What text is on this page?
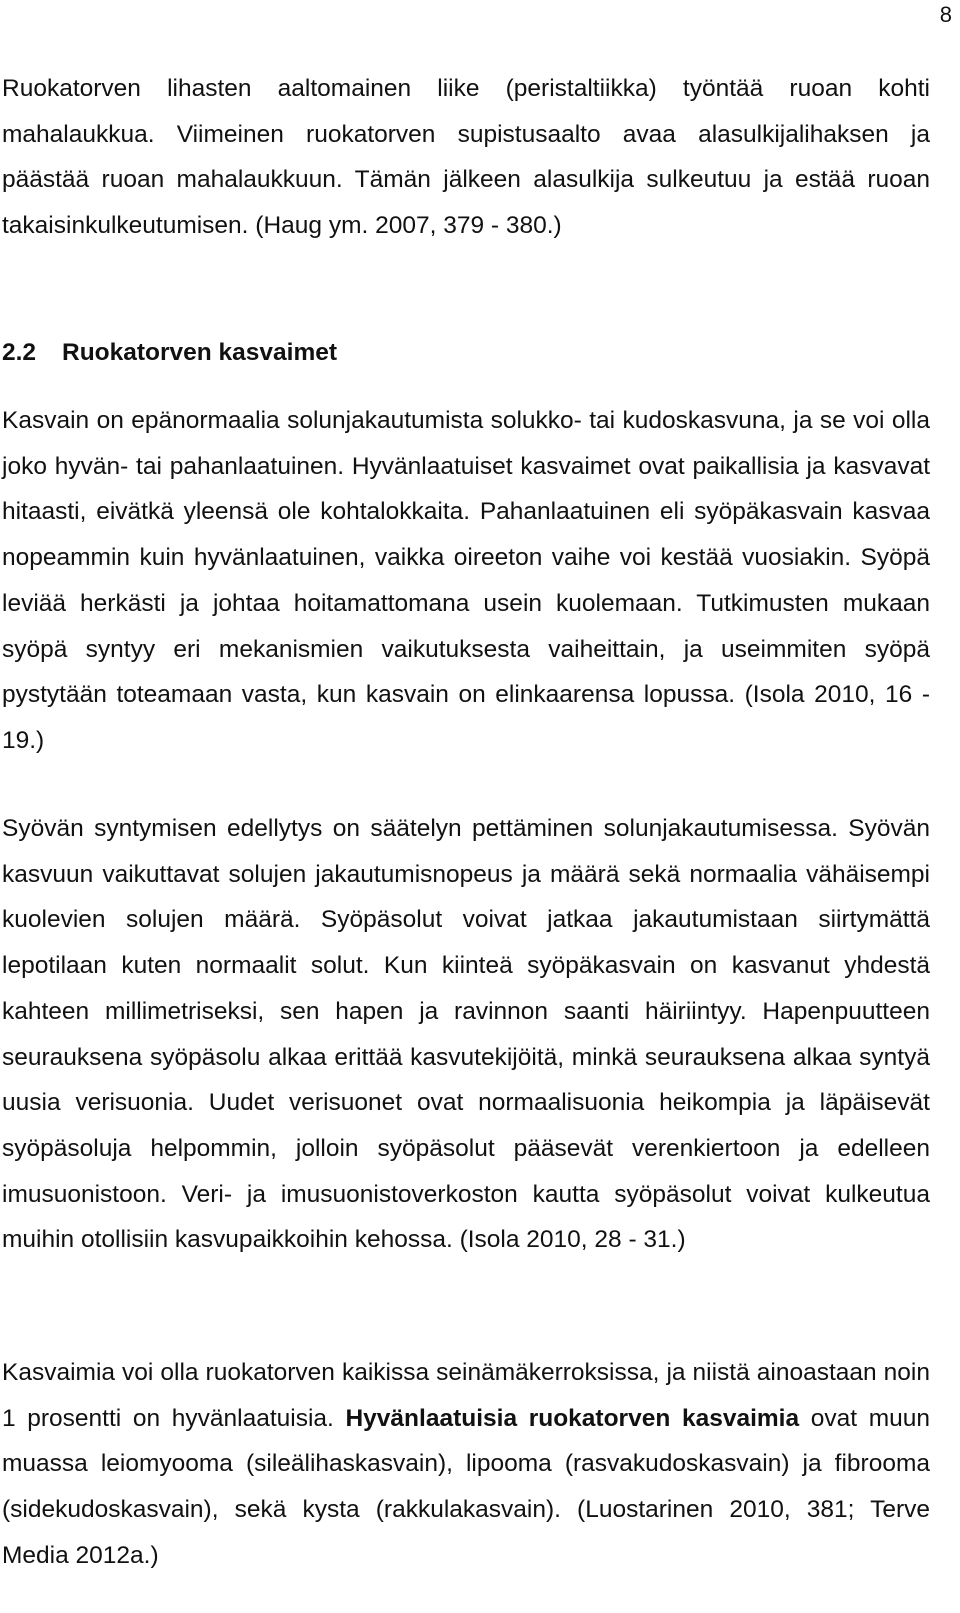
8

Ruokatorven lihasten aaltomainen liike (peristaltiikka) työntää ruoan kohti mahalaukkua. Viimeinen ruokatorven supistusaalto avaa alasulkijalihaksen ja päästää ruoan mahalaukkuun. Tämän jälkeen alasulkija sulkeutuu ja estää ruoan takaisinkulkeutumisen. (Haug ym. 2007, 379 - 380.)

2.2 Ruokatorven kasvaimet

Kasvain on epänormaalia solunjakautumista solukko- tai kudoskasvuna, ja se voi olla joko hyvän- tai pahanlaatuinen. Hyvänlaatuiset kasvaimet ovat paikallisia ja kasvavat hitaasti, eivätkä yleensä ole kohtalokkaita. Pahanlaatuinen eli syöpäkasvain kasvaa nopeammin kuin hyvänlaatuinen, vaikka oireeton vaihe voi kestää vuosiakin. Syöpä leviää herkästi ja johtaa hoitamattomana usein kuolemaan. Tutkimusten mukaan syöpä syntyy eri mekanismien vaikutuksesta vaiheittain, ja useimmiten syöpä pystytään toteamaan vasta, kun kasvain on elinkaarensa lopussa. (Isola 2010, 16 - 19.)

Syövän syntymisen edellytys on säätelyn pettäminen solunjakautumisessa. Syövän kasvuun vaikuttavat solujen jakautumisnopeus ja määrä sekä normaalia vähäisempi kuolevien solujen määrä. Syöpäsolut voivat jatkaa jakautumistaan siirtymättä lepotilaan kuten normaalit solut. Kun kiinteä syöpäkasvain on kasvanut yhdestä kahteen millimetriseksi, sen hapen ja ravinnon saanti häiriintyy. Hapenpuutteen seurauksena syöpäsolu alkaa erittää kasvutekijöitä, minkä seurauksena alkaa syntyä uusia verisuonia. Uudet verisuonet ovat normaalisuonia heikompia ja läpäisevät syöpäsoluja helpommin, jolloin syöpäsolut pääsevät verenkiertoon ja edelleen imusuonistoon. Veri- ja imusuonistoverkoston kautta syöpäsolut voivat kulkeutua muihin otollisiin kasvupaikkoihin kehossa. (Isola 2010, 28 - 31.)

Kasvaimia voi olla ruokatorven kaikissa seinämäkerroksissa, ja niistä ainoastaan noin 1 prosentti on hyvänlaatuisia. Hyvänlaatuisia ruokatorven kasvaimia ovat muun muassa leiomyooma (sileälihaskasvain), lipooma (rasvakudoskasvain) ja fibrooma (sidekudoskasvain), sekä kysta (rakkulakasvain). (Luostarinen 2010, 381; Terve Media 2012a.)
